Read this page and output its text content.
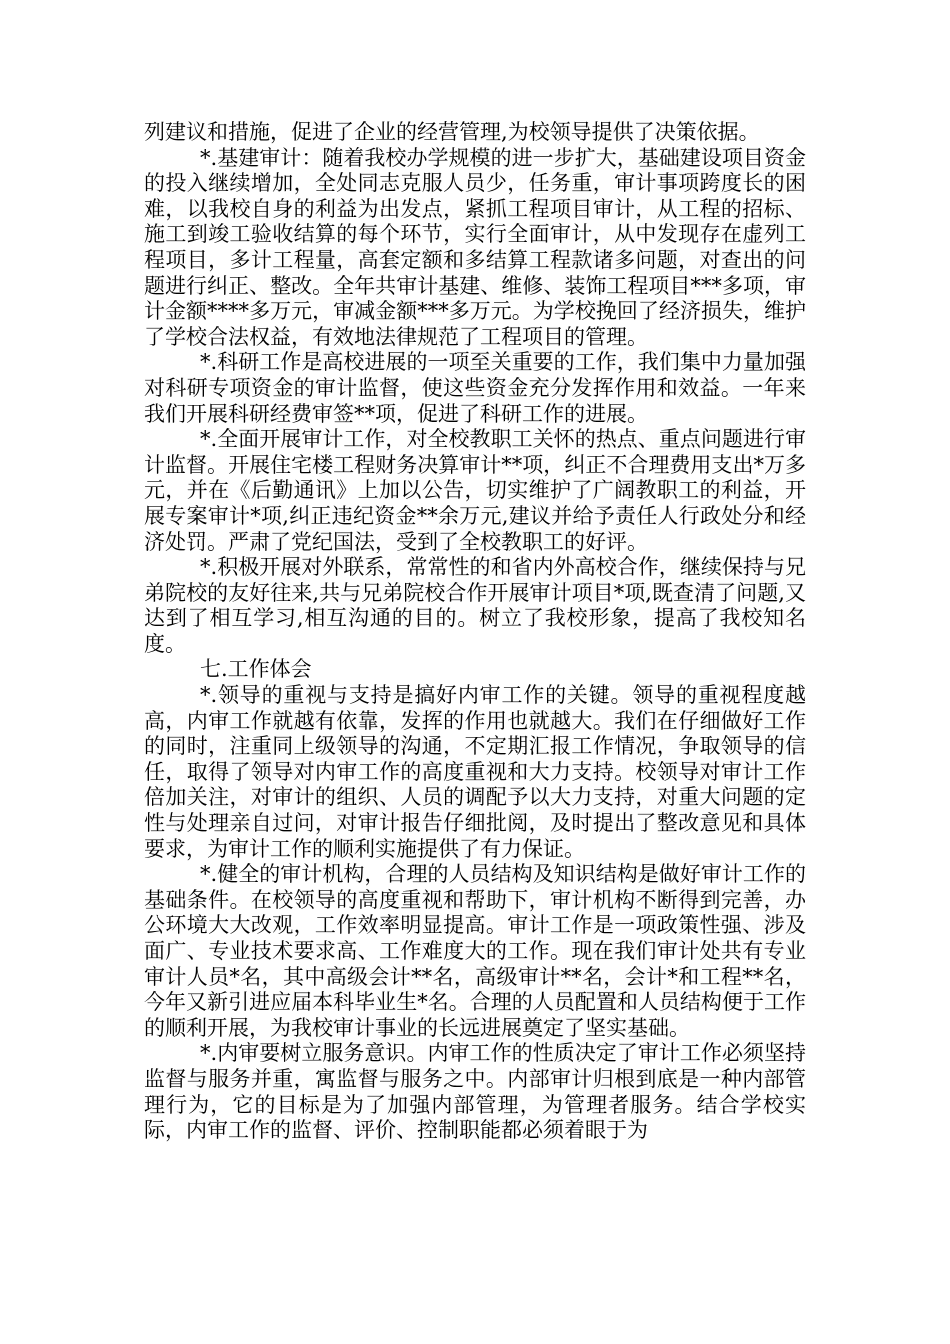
列建议和措施，促进了企业的经营管理,为校领导提供了决策依据。

*.基建审计：随着我校办学规模的进一步扩大，基础建设项目资金的投入继续增加，全处同志克服人员少，任务重，审计事项跨度长的困难，以我校自身的利益为出发点，紧抓工程项目审计，从工程的招标、施工到竣工验收结算的每个环节，实行全面审计，从中发现存在虚列工程项目，多计工程量，高套定额和多结算工程款诸多问题，对查出的问题进行纠正、整改。全年共审计基建、维修、装饰工程项目***多项，审计金额****多万元，审减金额***多万元。为学校挽回了经济损失，维护了学校合法权益，有效地法律规范了工程项目的管理。

*.科研工作是高校进展的一项至关重要的工作，我们集中力量加强对科研专项资金的审计监督，使这些资金充分发挥作用和效益。一年来我们开展科研经费审签**项，促进了科研工作的进展。

*.全面开展审计工作，对全校教职工关怀的热点、重点问题进行审计监督。开展住宅楼工程财务决算审计**项，纠正不合理费用支出*万多元，并在《后勤通讯》上加以公告，切实维护了广阔教职工的利益，开展专案审计*项,纠正违纪资金**余万元,建议并给予责任人行政处分和经济处罚。严肃了党纪国法，受到了全校教职工的好评。

*.积极开展对外联系，常常性的和省内外高校合作，继续保持与兄弟院校的友好往来,共与兄弟院校合作开展审计项目*项,既查清了问题,又达到了相互学习,相互沟通的目的。树立了我校形象，提高了我校知名度。

七.工作体会

*.领导的重视与支持是搞好内审工作的关键。领导的重视程度越高，内审工作就越有依靠，发挥的作用也就越大。我们在仔细做好工作的同时，注重同上级领导的沟通，不定期汇报工作情况，争取领导的信任，取得了领导对内审工作的高度重视和大力支持。校领导对审计工作倍加关注，对审计的组织、人员的调配予以大力支持，对重大问题的定性与处理亲自过问，对审计报告仔细批阅，及时提出了整改意见和具体要求，为审计工作的顺利实施提供了有力保证。

*.健全的审计机构，合理的人员结构及知识结构是做好审计工作的基础条件。在校领导的高度重视和帮助下，审计机构不断得到完善，办公环境大大改观，工作效率明显提高。审计工作是一项政策性强、涉及面广、专业技术要求高、工作难度大的工作。现在我们审计处共有专业审计人员*名，其中高级会计**名，高级审计**名，会计*和工程**名，今年又新引进应届本科毕业生*名。合理的人员配置和人员结构便于工作的顺利开展，为我校审计事业的长远进展奠定了坚实基础。

*.内审要树立服务意识。内审工作的性质决定了审计工作必须坚持监督与服务并重，寓监督与服务之中。内部审计归根到底是一种内部管理行为，它的目标是为了加强内部管理，为管理者服务。结合学校实际，内审工作的监督、评价、控制职能都必须着眼于为
